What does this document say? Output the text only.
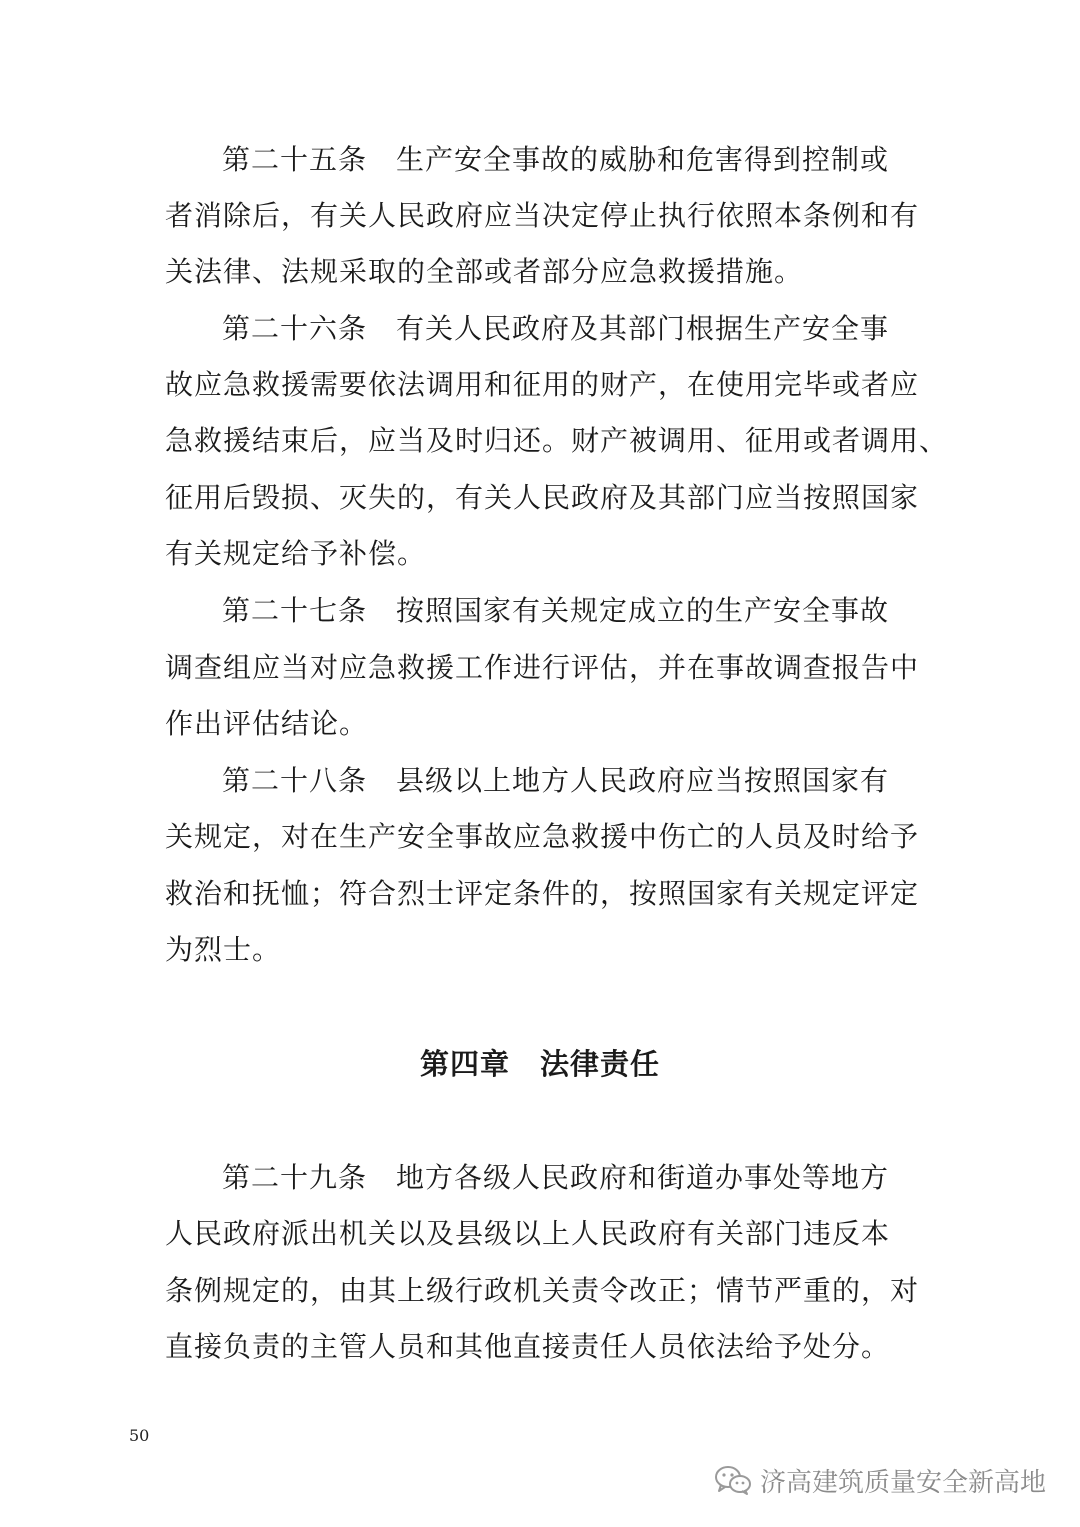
第二十五条　生产安全事故的威胁和危害得到控制或
者消除后，有关人民政府应当决定停止执行依照本条例和有
关法律、法规采取的全部或者部分应急救援措施。
第二十六条　有关人民政府及其部门根据生产安全事
故应急救援需要依法调用和征用的财产，在使用完毕或者应
急救援结束后，应当及时归还。财产被调用、征用或者调用、
征用后毁损、灭失的，有关人民政府及其部门应当按照国家
有关规定给予补偿。
第二十七条　按照国家有关规定成立的生产安全事故
调查组应当对应急救援工作进行评估，并在事故调查报告中
作出评估结论。
第二十八条　县级以上地方人民政府应当按照国家有
关规定，对在生产安全事故应急救援中伤亡的人员及时给予
救治和抚恤；符合烈士评定条件的，按照国家有关规定评定
为烈士。
第四章　法律责任
第二十九条　地方各级人民政府和街道办事处等地方
人民政府派出机关以及县级以上人民政府有关部门违反本
条例规定的，由其上级行政机关责令改正；情节严重的，对
直接负责的主管人员和其他直接责任人员依法给予处分。
50
济高建筑质量安全新高地
